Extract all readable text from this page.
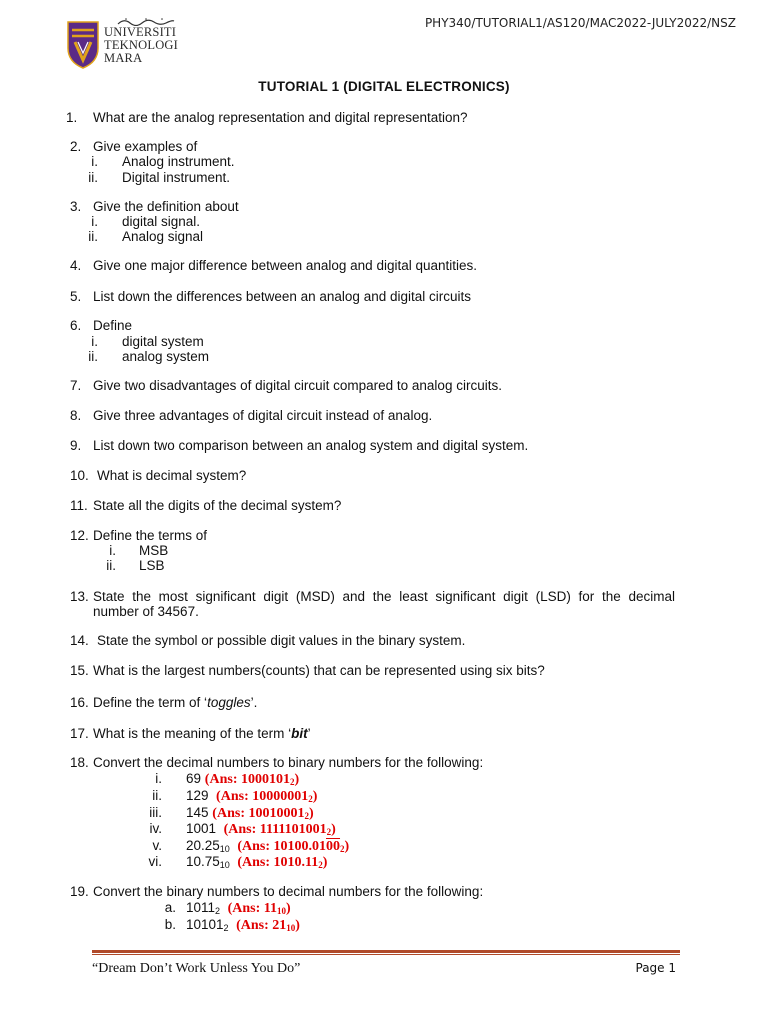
PHY340/TUTORIAL1/AS120/MAC2022-JULY2022/NSZ
UNIVERSITI
TEKNOLOGI
MARA
TUTORIAL 1 (DIGITAL ELECTRONICS)
1. What are the analog representation and digital representation?
2. Give examples of
i. Analog instrument.
ii. Digital instrument.
3. Give the definition about
i. digital signal.
ii. Analog signal
4. Give one major difference between analog and digital quantities.
5. List down the differences between an analog and digital circuits
6. Define
i. digital system
ii. analog system
7. Give two disadvantages of digital circuit compared to analog circuits.
8. Give three advantages of digital circuit instead of analog.
9. List down two comparison between an analog system and digital system.
10. What is decimal system?
11. State all the digits of the decimal system?
12. Define the terms of
i. MSB
ii. LSB
13. State the most significant digit (MSD) and the least significant digit (LSD) for the decimal
number of 34567.
14. State the symbol or possible digit values in the binary system.
15. What is the largest numbers(counts) that can be represented using six bits?
16. Define the term of ‘toggles’.
17. What is the meaning of the term ‘bit’
18. Convert the decimal numbers to binary numbers for the following:
i. 69 (Ans: $1000101_2$)
ii. 129 (Ans: $10000001_2$)
iii. 145 (Ans: $10010001_2$)
iv. 1001 (Ans: $1111101001_2$)
v. $20.25_{10}$ (Ans: $10100.0100_2$)
vi. $10.75_{10}$ (Ans: $1010.11_2$)
19. Convert the binary numbers to decimal numbers for the following:
a. $1011_2$ (Ans: $11_{10}$)
b. $10101_2$ (Ans: $21_{10}$)
“Dream Don’t Work Unless You Do”	Page 1
